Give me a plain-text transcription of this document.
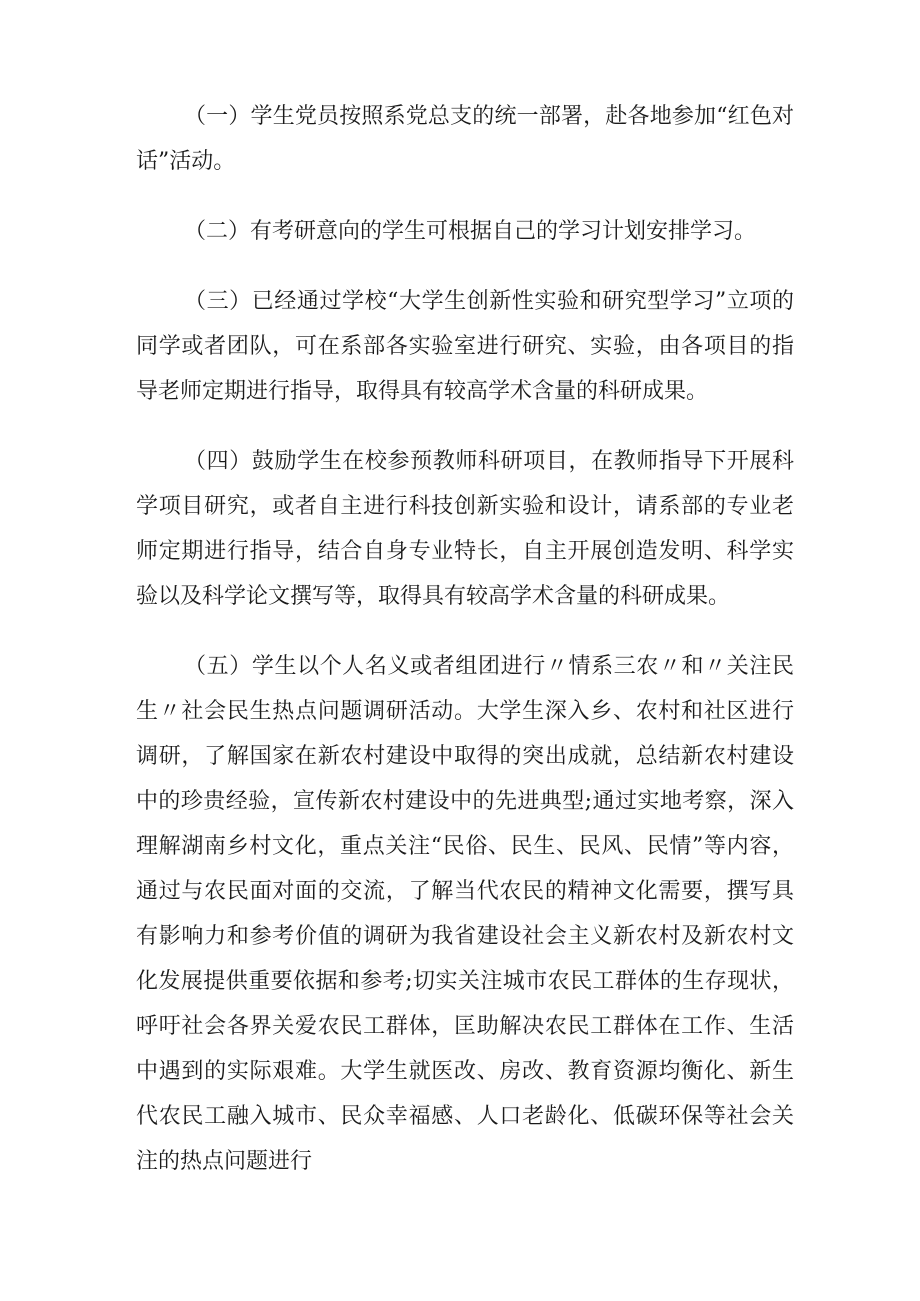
（一）学生党员按照系党总支的统一部署，赴各地参加“红色对话”活动。

（二）有考研意向的学生可根据自己的学习计划安排学习。

（三）已经通过学校“大学生创新性实验和研究型学习”立项的同学或者团队，可在系部各实验室进行研究、实验，由各项目的指导老师定期进行指导，取得具有较高学术含量的科研成果。

（四）鼓励学生在校参预教师科研项目，在教师指导下开展科学项目研究，或者自主进行科技创新实验和设计，请系部的专业老师定期进行指导，结合自身专业特长，自主开展创造发明、科学实验以及科学论文撰写等，取得具有较高学术含量的科研成果。

（五）学生以个人名义或者组团进行〃情系三农〃和〃关注民生〃社会民生热点问题调研活动。大学生深入乡、农村和社区进行调研，了解国家在新农村建设中取得的突出成就，总结新农村建设中的珍贵经验，宣传新农村建设中的先进典型;通过实地考察，深入理解湖南乡村文化，重点关注“民俗、民生、民风、民情”等内容，通过与农民面对面的交流，了解当代农民的精神文化需要，撰写具有影响力和参考价值的调研为我省建设社会主义新农村及新农村文化发展提供重要依据和参考;切实关注城市农民工群体的生存现状，呼吁社会各界关爱农民工群体，匡助解决农民工群体在工作、生活中遇到的实际艰难。大学生就医改、房改、教育资源均衡化、新生代农民工融入城市、民众幸福感、人口老龄化、低碳环保等社会关注的热点问题进行
